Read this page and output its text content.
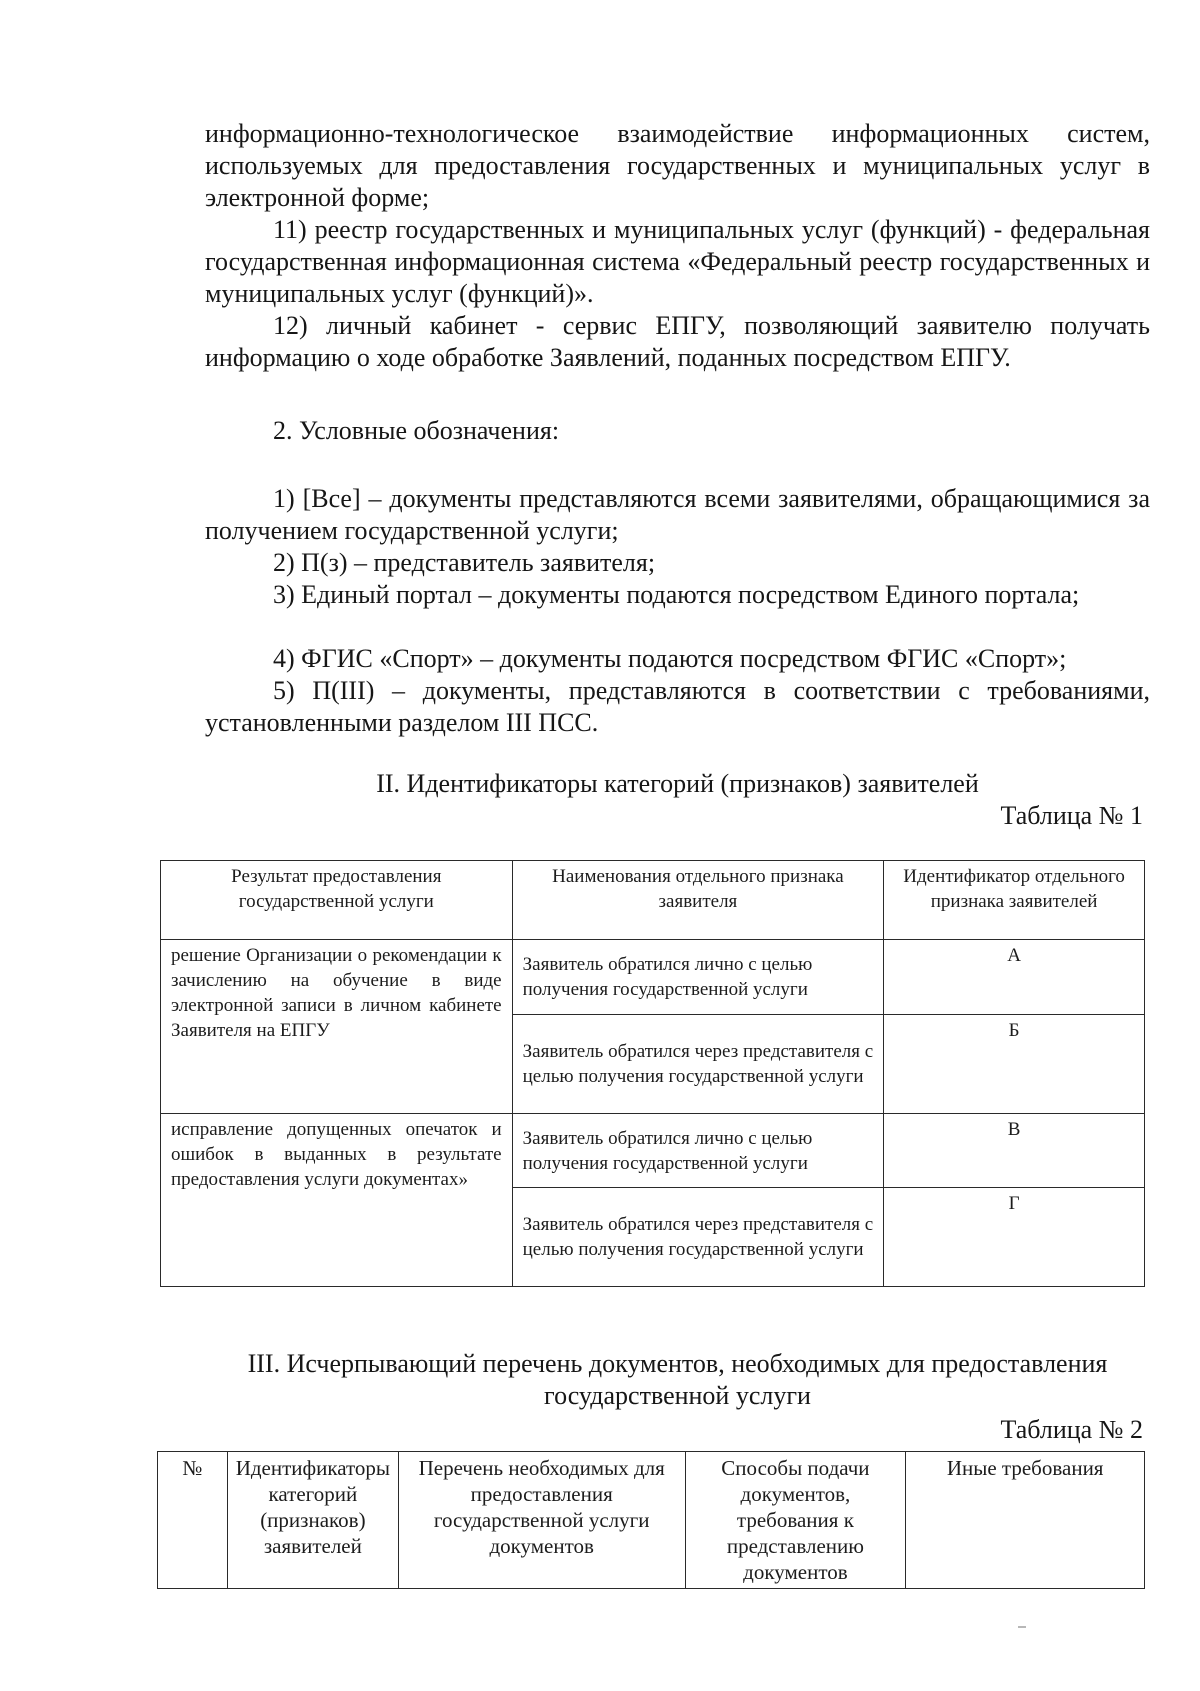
информационно-технологическое взаимодействие информационных систем, используемых для предоставления государственных и муниципальных услуг в электронной форме;
11) реестр государственных и муниципальных услуг (функций) - федеральная государственная информационная система «Федеральный реестр государственных и муниципальных услуг (функций)».
12) личный кабинет - сервис ЕПГУ, позволяющий заявителю получать информацию о ходе обработке Заявлений, поданных посредством ЕПГУ.
2. Условные обозначения:
1) [Все] – документы представляются всеми заявителями, обращающимися за получением государственной услуги;
2) П(з) – представитель заявителя;
3) Единый портал – документы подаются посредством Единого портала;
4) ФГИС «Спорт» – документы подаются посредством ФГИС «Спорт»;
5) П(III) – документы, представляются в соответствии с требованиями, установленными разделом III ПСС.
II. Идентификаторы категорий (признаков) заявителей
Таблица № 1
Результат предоставления государственной услуги	Наименования отдельного признака заявителя	Идентификатор отдельного признака заявителей
решение Организации о рекомендации к зачислению на обучение в виде электронной записи в личном кабинете Заявителя на ЕПГУ	Заявитель обратился лично с целью получения государственной услуги	А
	Заявитель обратился через представителя с целью получения государственной услуги	Б
исправление допущенных опечаток и ошибок в выданных в результате предоставления услуги документах»	Заявитель обратился лично с целью получения государственной услуги	В
	Заявитель обратился через представителя с целью получения государственной услуги	Г
III. Исчерпывающий перечень документов, необходимых для предоставления государственной услуги
Таблица № 2
№	Идентификаторы категорий (признаков) заявителей	Перечень необходимых для предоставления государственной услуги документов	Способы подачи документов, требования к представлению документов	Иные требования
